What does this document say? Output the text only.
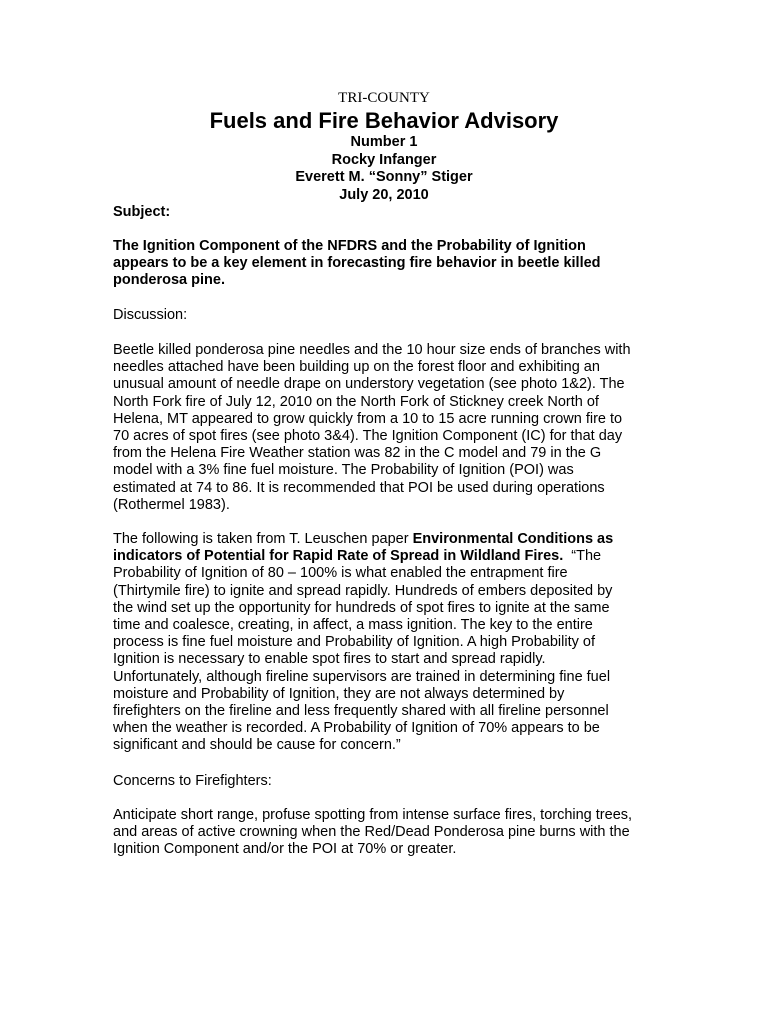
TRI-COUNTY
Fuels and Fire Behavior Advisory
Number 1
Rocky Infanger
Everett M. “Sonny” Stiger
July 20, 2010
Subject:
The Ignition Component of the NFDRS and the Probability of Ignition
appears to be a key element in forecasting fire behavior in beetle killed
ponderosa pine.
Discussion:
Beetle killed ponderosa pine needles and the 10 hour size ends of branches with
needles attached have been building up on the forest floor and exhibiting an
unusual amount of needle drape on understory vegetation (see photo 1&2). The
North Fork fire of July 12, 2010 on the North Fork of Stickney creek North of
Helena, MT appeared to grow quickly from a 10 to 15 acre running crown fire to
70 acres of spot fires (see photo 3&4). The Ignition Component (IC) for that day
from the Helena Fire Weather station was 82 in the C model and 79 in the G
model with a 3% fine fuel moisture. The Probability of Ignition (POI) was
estimated at 74 to 86. It is recommended that POI be used during operations
(Rothermel 1983).
The following is taken from T. Leuschen paper Environmental Conditions as
indicators of Potential for Rapid Rate of Spread in Wildland Fires.  “The
Probability of Ignition of 80 – 100% is what enabled the entrapment fire
(Thirtymile fire) to ignite and spread rapidly. Hundreds of embers deposited by
the wind set up the opportunity for hundreds of spot fires to ignite at the same
time and coalesce, creating, in affect, a mass ignition. The key to the entire
process is fine fuel moisture and Probability of Ignition. A high Probability of
Ignition is necessary to enable spot fires to start and spread rapidly.
Unfortunately, although fireline supervisors are trained in determining fine fuel
moisture and Probability of Ignition, they are not always determined by
firefighters on the fireline and less frequently shared with all fireline personnel
when the weather is recorded. A Probability of Ignition of 70% appears to be
significant and should be cause for concern.”
Concerns to Firefighters:
Anticipate short range, profuse spotting from intense surface fires, torching trees,
and areas of active crowning when the Red/Dead Ponderosa pine burns with the
Ignition Component and/or the POI at 70% or greater.
